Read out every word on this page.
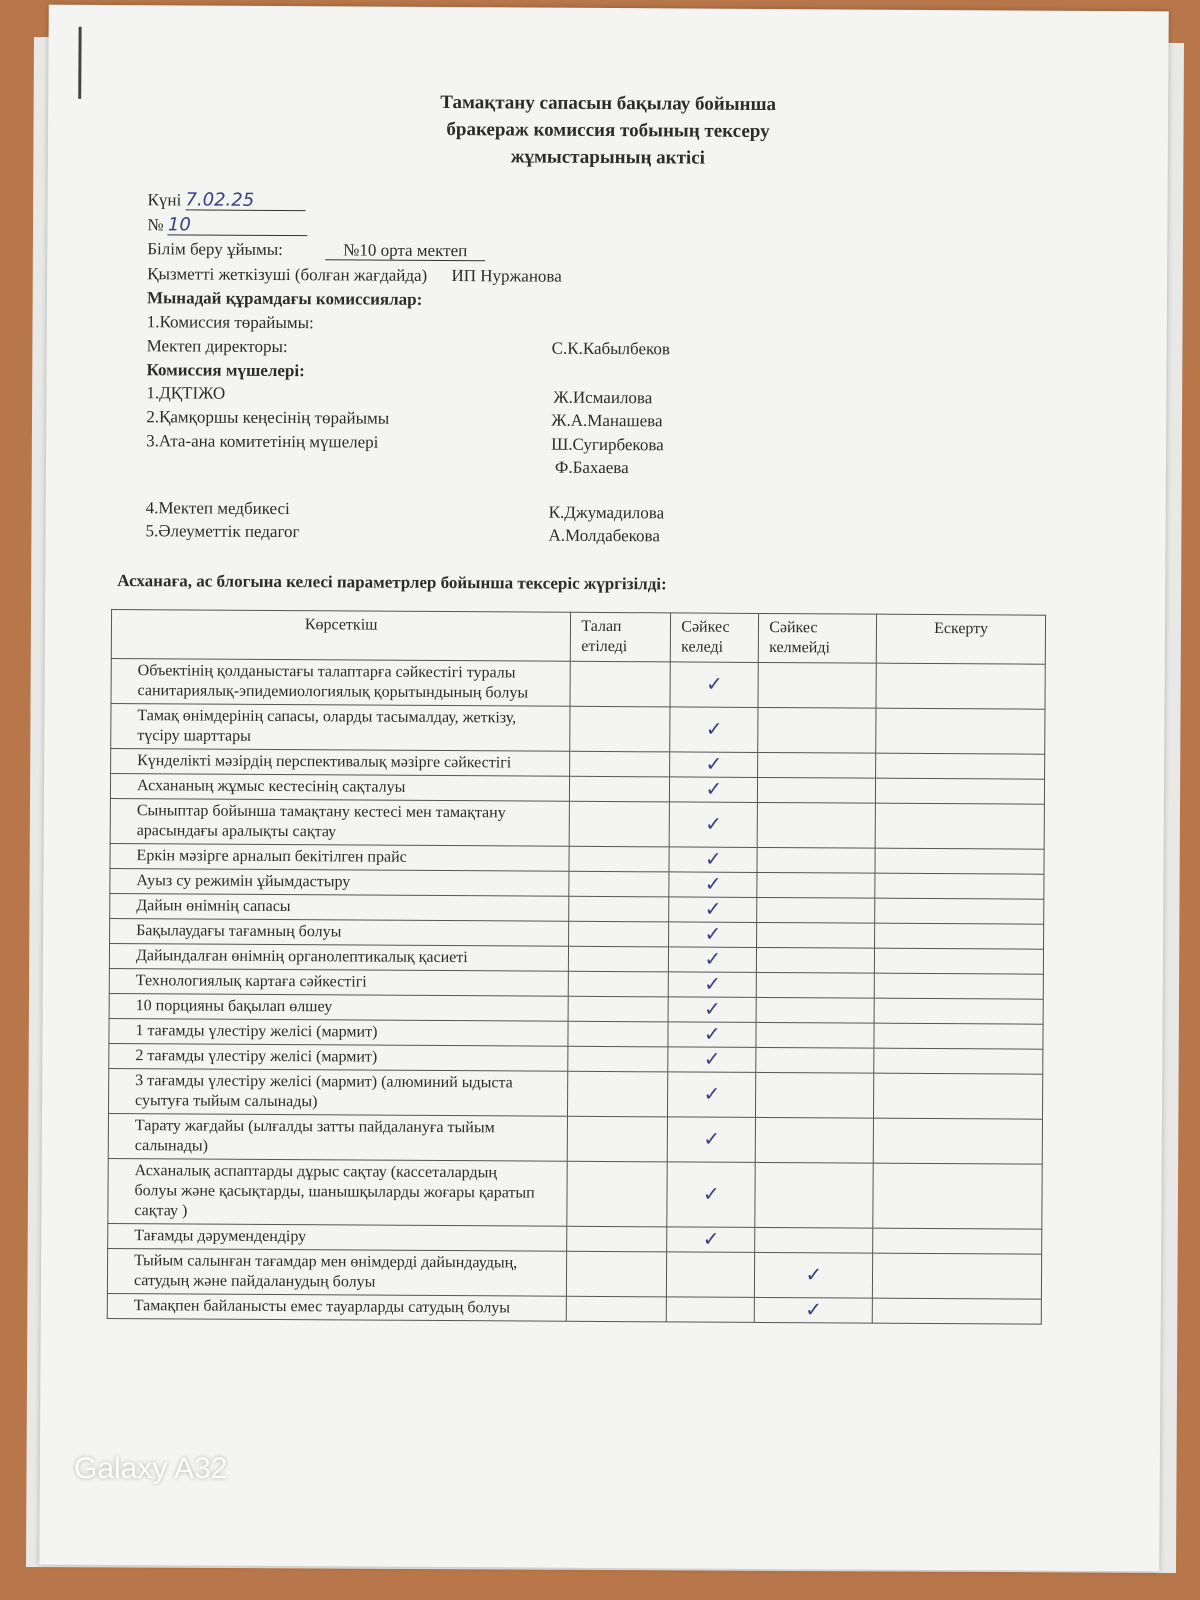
Тамақтану сапасын бақылау бойынша
бракераж комиссия тобының тексеру
жұмыстарының актісі
Күні 7.02.25
№ 10
Білім беру ұйымы:	№10 орта мектеп
Қызметті жеткізуші (болған жағдайда) ИП Нуржанова
Мынадай құрамдағы комиссиялар:
1.Комиссия төрайымы:
Мектеп директоры:	С.К.Кабылбеков
Комиссия мүшелері:
1.ДҚТІЖО	Ж.Исмаилова
2.Қамқоршы кеңесінің төрайымы	Ж.А.Манашева
3.Ата-ана комитетінің мүшелері	Ш.Сугирбекова
Ф.Бахаева
4.Мектеп медбикесі	К.Джумадилова
5.Әлеуметтік педагог	А.Молдабекова
Асханаға, ас блогына келесі параметрлер бойынша тексеріс жүргізілді:
Көрсеткіш	Талап етіледі	Сәйкес келеді	Сәйкес келмейді	Ескерту
Объектінің қолданыстағы талаптарға сәйкестігі туралы санитариялық-эпидемиологиялық қорытындының болуы		✓		
Тамақ өнімдерінің сапасы, оларды тасымалдау, жеткізу, түсіру шарттары		✓		
Күнделікті мәзірдің перспективалық мәзірге сәйкестігі		✓		
Асхананың жұмыс кестесінің сақталуы		✓		
Сыныптар бойынша тамақтану кестесі мен тамақтану арасындағы аралықты сақтау		✓		
Еркін мәзірге арналып бекітілген прайс		✓		
Ауыз су режимін ұйымдастыру		✓		
Дайын өнімнің сапасы		✓		
Бақылаудағы тағамның болуы		✓		
Дайындалған өнімнің органолептикалық қасиеті		✓		
Технологиялық картаға сәйкестігі		✓		
10 порцияны бақылап өлшеу		✓		
1 тағамды үлестіру желісі (мармит)		✓		
2 тағамды үлестіру желісі (мармит)		✓		
3 тағамды үлестіру желісі (мармит) (алюминий ыдыста суытуға тыйым салынады)		✓		
Тарату жағдайы (ылғалды затты пайдалануға тыйым салынады)		✓		
Асханалық аспаптарды дұрыс сақтау (кассеталардың болуы және қасықтарды, шанышқыларды жоғары қаратып сақтау )		✓		
Тағамды дәрумендендіру		✓		
Тыйым салынған тағамдар мен өнімдерді дайындаудың, сатудың және пайдаланудың болуы			✓	
Тамақпен байланысты емес тауарларды сатудың болуы			✓	
Galaxy A32
